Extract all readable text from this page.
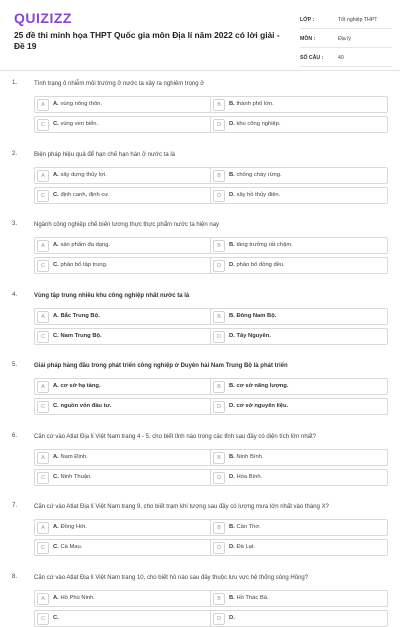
QUIZIZZ
25 đề thi minh họa THPT Quốc gia môn Địa lí năm 2022 có lời giải - Đề 19
LỚP :	Tốt nghiệp THPT
MÔN :	Địa lý
SỐ CÂU :	40
1.	Tình trạng ô nhiễm môi trường ở nước ta xảy ra nghiêm trọng ở
A	A. vùng nông thôn.	B	B. thành phố lớn.
C	C. vùng ven biển.	D	D. khu công nghiệp.
2.	Biện pháp hiệu quả để hạn chế hạn hán ở nước ta là
A	A. xây dựng thủy lợi.	B	B. chống cháy rừng.
C	C. định canh, định cư.	D	D. xây hồ thủy điện.
3.	Ngành công nghiệp chế biến lương thực thực phẩm nước ta hiện nay
A	A. sản phẩm đa dạng.	B	B. tăng trưởng rất chậm.
C	C. phân bố tập trung.	D	D. phân bố đồng đều.
4.	Vùng tập trung nhiều khu công nghiệp nhất nước ta là
A	A. Bắc Trung Bộ.	B	B. Đông Nam Bộ.
C	C. Nam Trung Bộ.	D	D. Tây Nguyên.
5.	Giải pháp hàng đầu trong phát triển công nghiệp ở Duyên hải Nam Trung Bộ là phát triển
A	A. cơ sở hạ tầng.	B	B. cơ sở năng lượng.
C	C. nguồn vốn đầu tư.	D	D. cơ sở nguyên liệu.
6.	Căn cứ vào Atlat Địa lí Việt Nam trang 4 - 5, cho biết tỉnh nào trong các tỉnh sau đây có diện tích lớn nhất?
A	A. Nam Định.	B	B. Ninh Bình.
C	C. Ninh Thuận.	D	D. Hòa Bình.
7.	Căn cứ vào Atlat Địa lí Việt Nam trang 9, cho biết trạm khí tượng sau đây có lượng mưa lớn nhất vào tháng X?
A	A. Đồng Hới.	B	B. Cần Thơ.
C	C. Cà Mau.	D	D. Đà Lạt.
8.	Căn cứ vào Atlat Địa lí Việt Nam trang 10, cho biết hồ nào sau đây thuộc lưu vực hệ thống sông Hồng?
A	A. Hồ Phú Ninh.	B	B. Hồ Thác Bà.
C	C.	D	D.
